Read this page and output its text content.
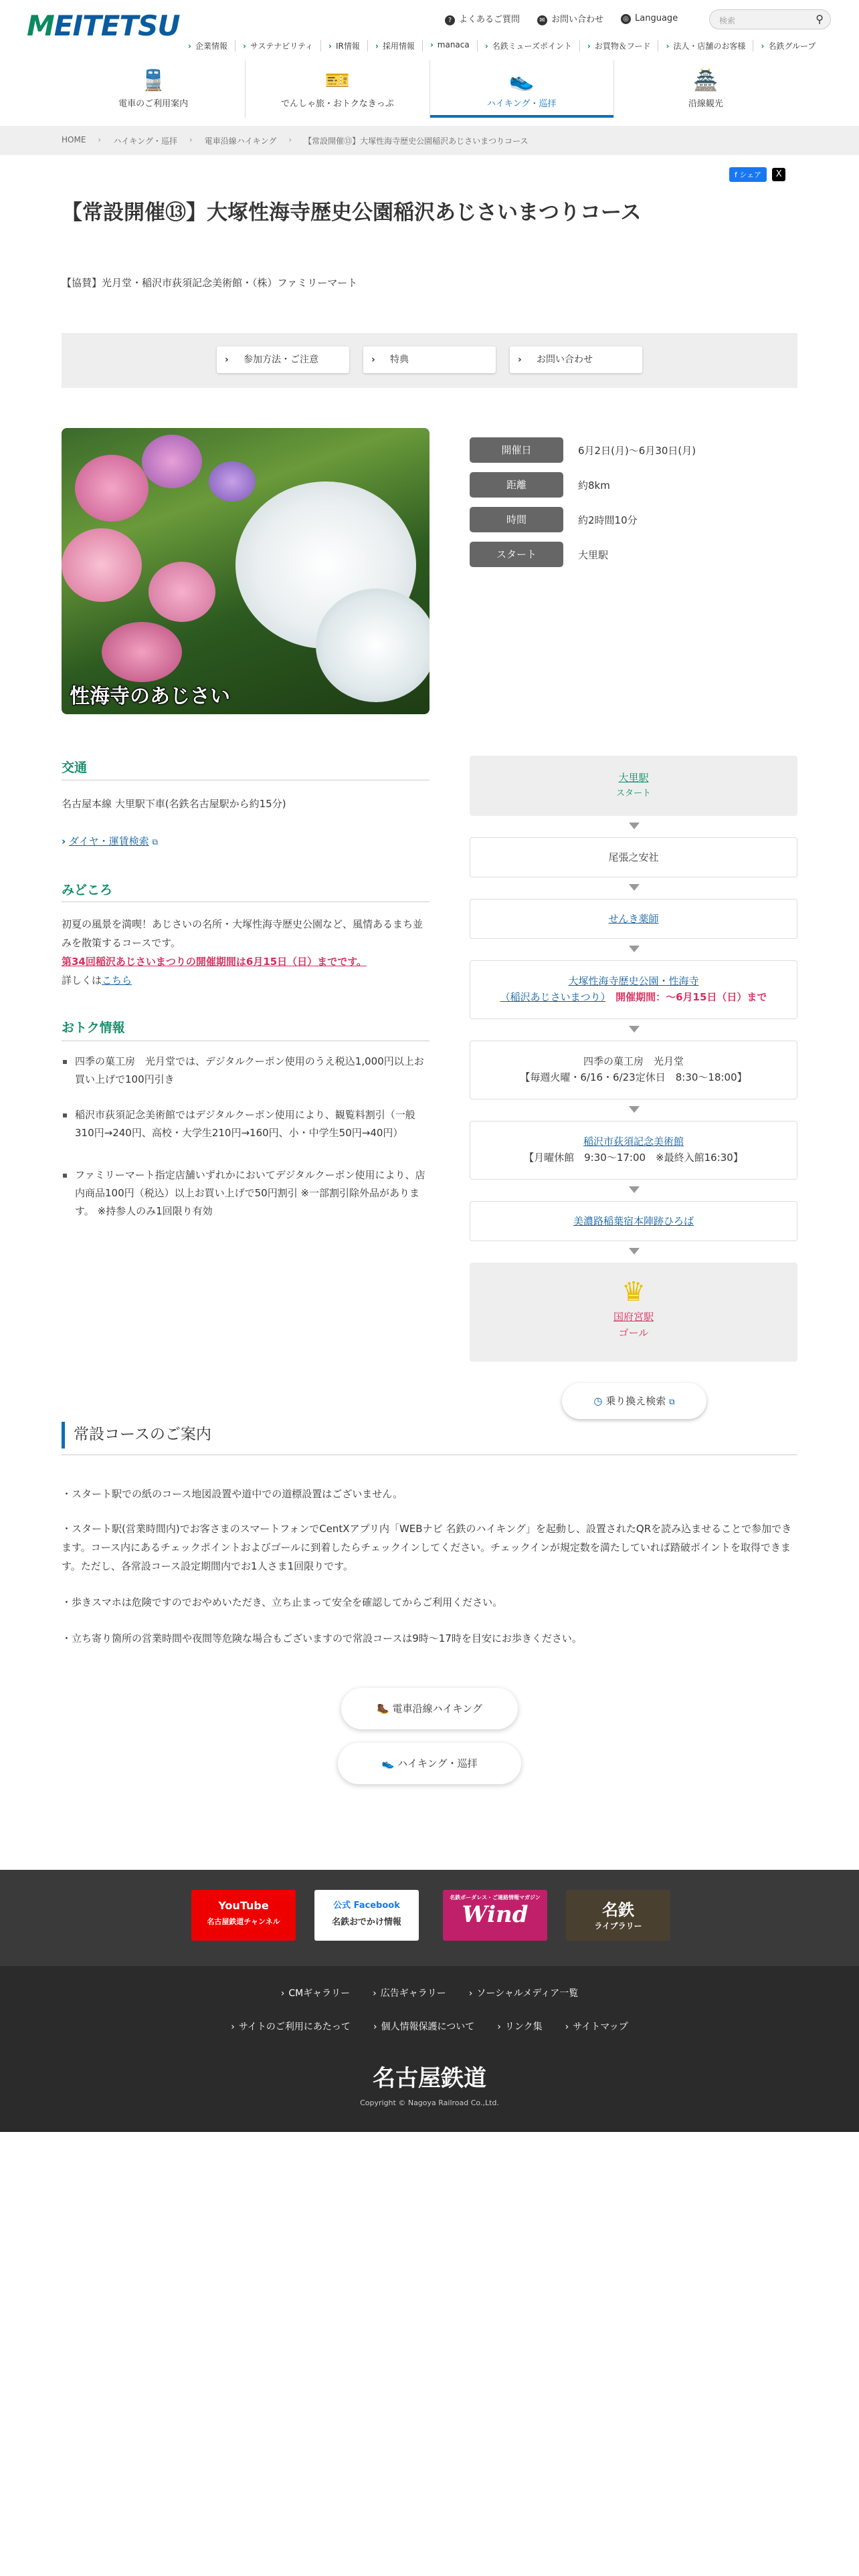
MEITETSU	? よくあるご質問	✉ お問い合わせ	◎ Language	検索	⚲
› 企業情報	› サステナビリティ	› IR情報	› 採用情報	› manaca	› 名鉄ミューズポイント	› お買物＆フード	› 法人・店舗のお客様	› 名鉄グループ
🚆
電車のご利用案内
🎫
でんしゃ旅・おトクなきっぷ
👟
ハイキング・巡拝
🏯
沿線観光
HOME › ハイキング・巡拝 › 電車沿線ハイキング › 【常設開催⑬】大塚性海寺歴史公園稲沢あじさいまつりコース
f シェア	X
【常設開催⑬】大塚性海寺歴史公園稲沢あじさいまつりコース
【協賛】光月堂・稲沢市荻須記念美術館・（株）ファミリーマート
› 参加方法・ご注意	› 特典	› お問い合わせ
性海寺のあじさい
開催日	6月2日(月)～6月30日(月)
距離	約8km
時間	約2時間10分
スタート	大里駅
交通
名古屋本線 大里駅下車(名鉄名古屋駅から約15分)
› ダイヤ・運賃検索 ⧉
みどころ
初夏の風景を満喫！あじさいの名所・大塚性海寺歴史公園など、風情あるまち並みを散策するコースです。
第34回稲沢あじさいまつりの開催期間は6月15日（日）までです。
詳しくはこちら
おトク情報
四季の菓工房　光月堂では、デジタルクーポン使用のうえ税込1,000円以上お買い上げで100円引き
稲沢市荻須記念美術館ではデジタルクーポン使用により、観覧料割引（一般310円→240円、高校・大学生210円→160円、小・中学生50円→40円）
ファミリーマート指定店舗いずれかにおいてデジタルクーポン使用により、店内商品100円（税込）以上お買い上げで50円割引 ※一部割引除外品があります。 ※持参人のみ1回限り有効
大里駅
スタート
尾張之安社
せんき薬師
大塚性海寺歴史公園・性海寺
（稲沢あじさいまつり）　 開催期間：～6月15日（日）まで
四季の菓工房　光月堂
【毎週火曜・6/16・6/23定休日　8:30～18:00】
稲沢市荻須記念美術館
【月曜休館　9:30～17:00　※最終入館16:30】
美濃路稲葉宿本陣跡ひろば
♛
国府宮駅
ゴール
◷ 乗り換え検索 ⧉
常設コースのご案内
・スタート駅での紙のコース地図設置や道中での道標設置はございません。
・スタート駅(営業時間内)でお客さまのスマートフォンでCentXアプリ内「WEBナビ 名鉄のハイキング」を起動し、設置されたQRを読み込ませることで参加できます。コース内にあるチェックポイントおよびゴールに到着したらチェックインしてください。チェックインが規定数を満たしていれば踏破ポイントを取得できます。ただし、各常設コース設定期間内でお1人さま1回限りです。
・歩きスマホは危険ですのでおやめいただき、立ち止まって安全を確認してからご利用ください。
・立ち寄り箇所の営業時間や夜間等危険な場合もございますので常設コースは9時～17時を目安にお歩きください。
🥾 電車沿線ハイキング
👟 ハイキング・巡拝
YouTube
名古屋鉄道チャンネル
公式 Facebook
名鉄おでかけ情報
名鉄ボーダレス・ご連絡情報マガジン
Wind	名鉄
ライブラリー
› CMギャラリー	› 広告ギャラリー	› ソーシャルメディア一覧
› サイトのご利用にあたって	› 個人情報保護について	› リンク集	› サイトマップ
名古屋鉄道
Copyright © Nagoya Railroad Co.,Ltd.
